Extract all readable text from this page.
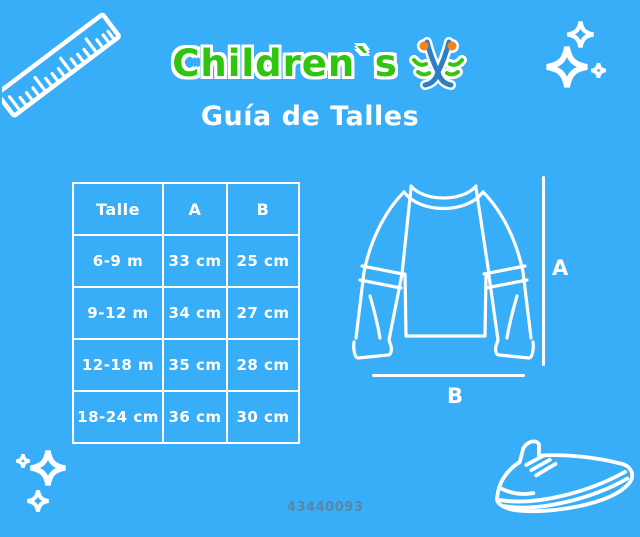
Children`s
Guía de Talles
Talle	A	B
6-9 m	33 cm	25 cm
9-12 m	34 cm	27 cm
12-18 m	35 cm	28 cm
18-24 cm	36 cm	30 cm
A
B
43440093
